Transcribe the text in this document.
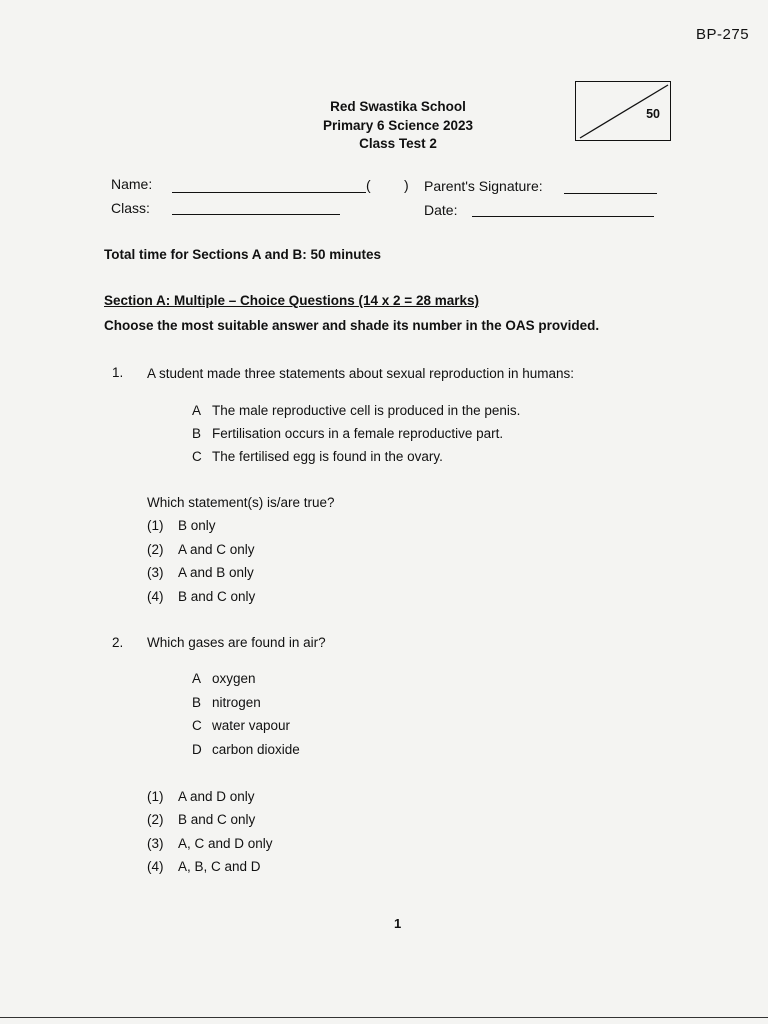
BP-275
Red Swastika School
Primary 6 Science 2023
Class Test 2
50
Name:	( ) Parent's Signature:
Class:	Date:
Total time for Sections A and B: 50 minutes
Section A: Multiple – Choice Questions (14 x 2 = 28 marks)
Choose the most suitable answer and shade its number in the OAS provided.
1. A student made three statements about sexual reproduction in humans:
A The male reproductive cell is produced in the penis.
B Fertilisation occurs in a female reproductive part.
C The fertilised egg is found in the ovary.
Which statement(s) is/are true?
(1) B only
(2) A and C only
(3) A and B only
(4) B and C only
2. Which gases are found in air?
A oxygen
B nitrogen
C water vapour
D carbon dioxide
(1) A and D only
(2) B and C only
(3) A, C and D only
(4) A, B, C and D
1
